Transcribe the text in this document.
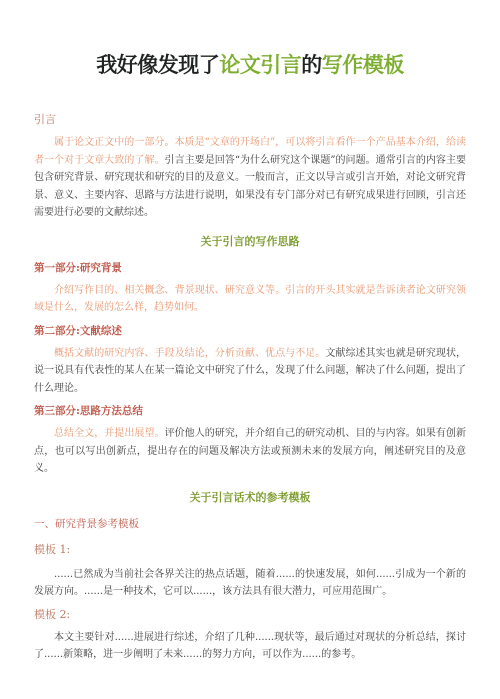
我好像发现了论文引言的写作模板
引言

属于论文正文中的一部分。本质是“文章的开场白”，可以将引言看作一个产品基本介绍，给读者一个对于文章大致的了解。引言主要是回答“为什么研究这个课题”的问题。通常引言的内容主要包含研究背景、研究现状和研究的目的及意义。一般而言，正文以导言或引言开始，对论文研究背景、意义、主要内容、思路与方法进行说明，如果没有专门部分对已有研究成果进行回顾，引言还需要进行必要的文献综述。

关于引言的写作思路
第一部分:研究背景

介绍写作目的、相关概念、背景现状、研究意义等。引言的开头其实就是告诉读者论文研究领域是什么，发展的怎么样，趋势如何。

第二部分:文献综述

概括文献的研究内容、手段及结论，分析贡献、优点与不足。文献综述其实也就是研究现状，说一说具有代表性的某人在某一篇论文中研究了什么，发现了什么问题，解决了什么问题，提出了什么理论。

第三部分:思路方法总结

总结全文，并提出展望。评价他人的研究，并介绍自己的研究动机、目的与内容。如果有创新点，也可以写出创新点，提出存在的问题及解决方法或预测未来的发展方向，阐述研究目的及意义。

关于引言话术的参考模板
一、研究背景参考模板
模板 1:

......已然成为当前社会各界关注的热点话题，随着......的快速发展，如何......引成为一个新的发展方向。......是一种技术，它可以......，该方法具有很大潜力，可应用范围广。

模板 2:

本文主要针对......进展进行综述，介绍了几种......现状等，最后通过对现状的分析总结，探讨了......新策略，进一步阐明了未来......的努力方向，可以作为......的参考。
